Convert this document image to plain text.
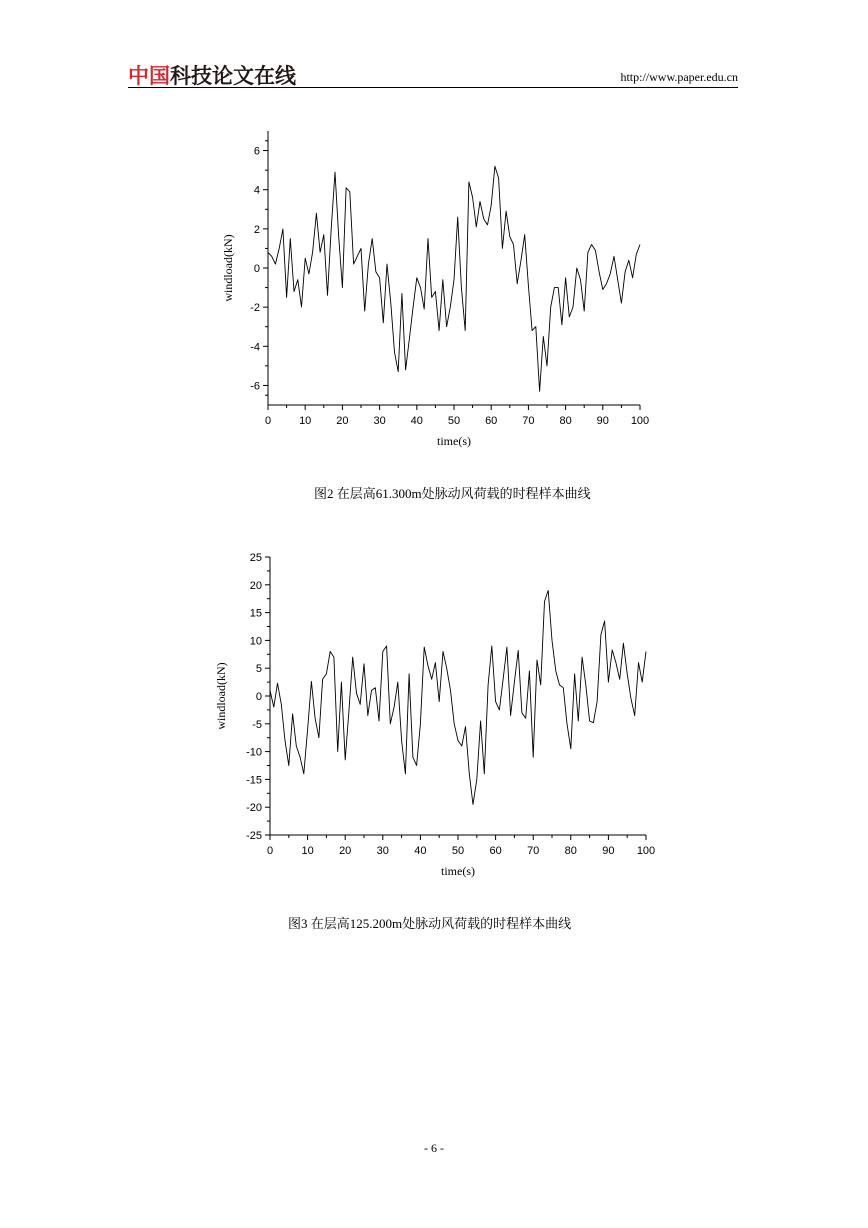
中国科技论文在线	http://www.paper.edu.cn
0	10 20 30 40 50 60 70 80 90 100
6
4
2
0
-2
-4
-6
time(s)
windload(kN)
图2 在层高61.300m处脉动风荷载的时程样本曲线
0	10 20 30 40 50 60 70 80 90 100
25
20
15
10
5
0
-5
-10
-15
-20
-25
time(s)
windload(kN)
图3 在层高125.200m处脉动风荷载的时程样本曲线
- 6 -
